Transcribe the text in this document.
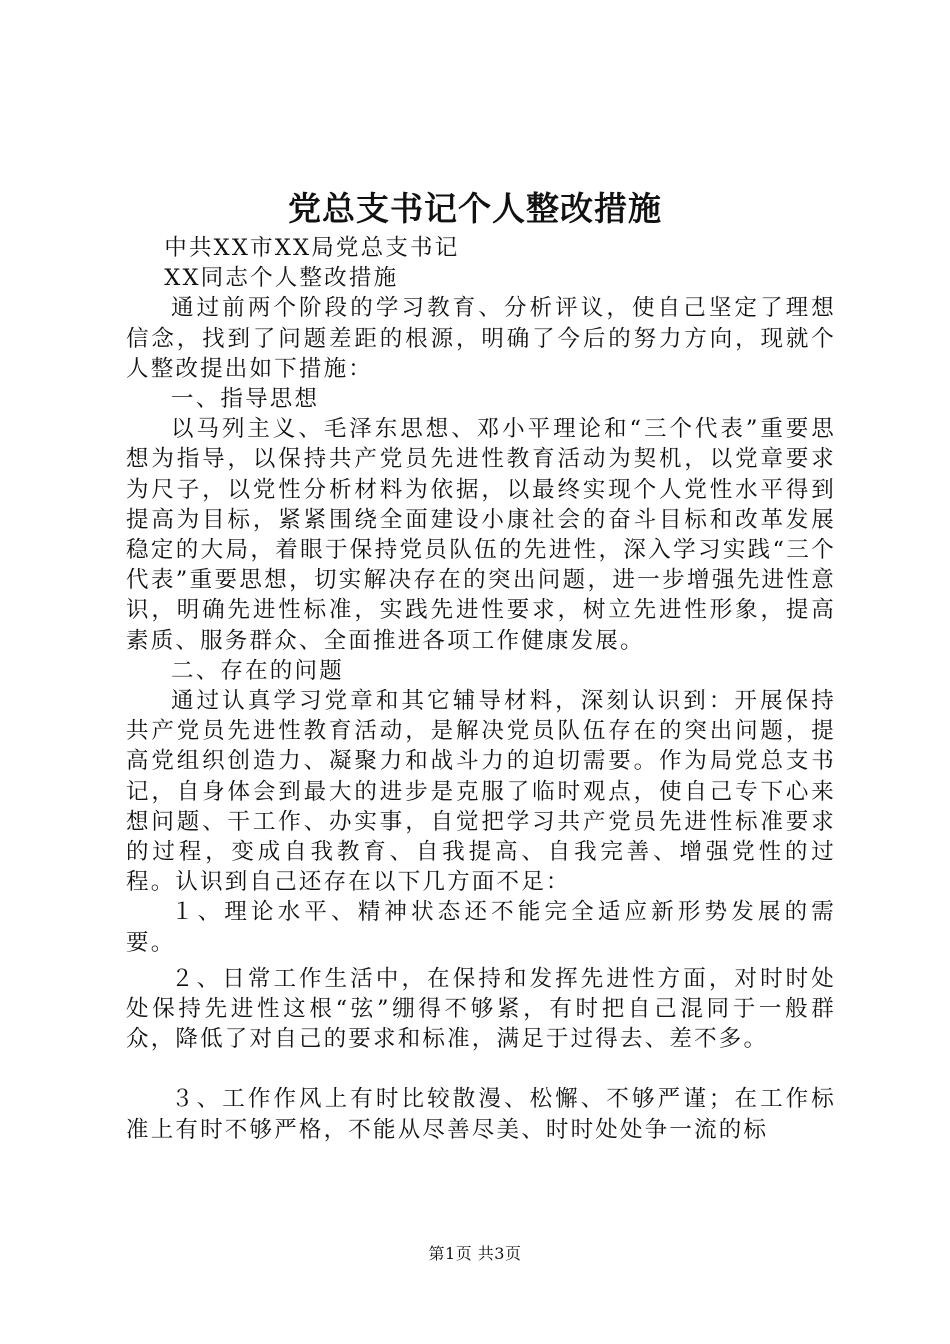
党总支书记个人整改措施

中共XX市XX局党总支书记

XX同志个人整改措施

通过前两个阶段的学习教育、分析评议，使自己坚定了理想信念，找到了问题差距的根源，明确了今后的努力方向，现就个人整改提出如下措施：

一、指导思想

以马列主义、毛泽东思想、邓小平理论和“三个代表”重要思想为指导，以保持共产党员先进性教育活动为契机，以党章要求为尺子，以党性分析材料为依据，以最终实现个人党性水平得到提高为目标，紧紧围绕全面建设小康社会的奋斗目标和改革发展稳定的大局，着眼于保持党员队伍的先进性，深入学习实践“三个代表”重要思想，切实解决存在的突出问题，进一步增强先进性意识，明确先进性标准，实践先进性要求，树立先进性形象，提高素质、服务群众、全面推进各项工作健康发展。

二、存在的问题

通过认真学习党章和其它辅导材料，深刻认识到：开展保持共产党员先进性教育活动，是解决党员队伍存在的突出问题，提高党组织创造力、凝聚力和战斗力的迫切需要。作为局党总支书记，自身体会到最大的进步是克服了临时观点，使自己专下心来想问题、干工作、办实事，自觉把学习共产党员先进性标准要求的过程，变成自我教育、自我提高、自我完善、增强党性的过程。认识到自己还存在以下几方面不足：

１、理论水平、精神状态还不能完全适应新形势发展的需要。

２、日常工作生活中，在保持和发挥先进性方面，对时时处处保持先进性这根“弦”绷得不够紧，有时把自己混同于一般群众，降低了对自己的要求和标准，满足于过得去、差不多。

３、工作作风上有时比较散漫、松懈、不够严谨；在工作标准上有时不够严格，不能从尽善尽美、时时处处争一流的标

第1页 共3页
